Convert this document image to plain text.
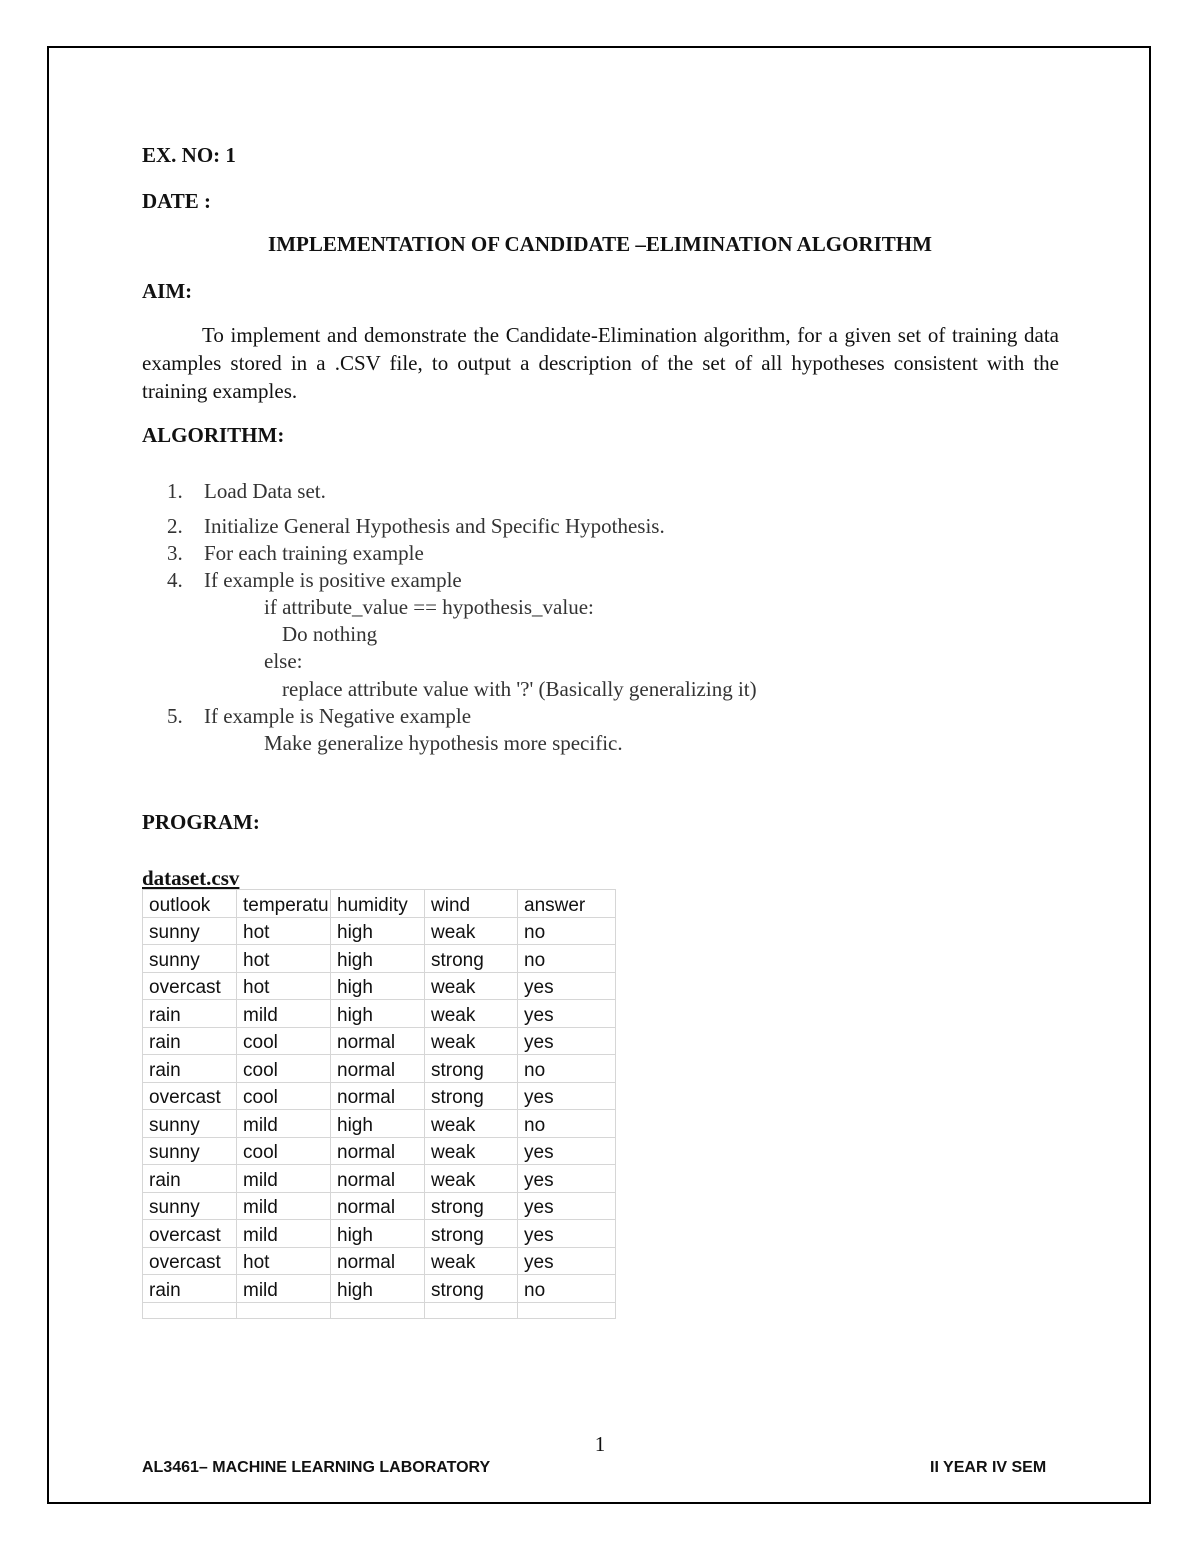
EX. NO: 1
DATE :
IMPLEMENTATION OF CANDIDATE –ELIMINATION ALGORITHM
AIM:
To implement and demonstrate the Candidate-Elimination algorithm, for a given set of training data examples stored in a .CSV file, to output a description of the set of all hypotheses consistent with the training examples.
ALGORITHM:
1. Load Data set.
2. Initialize General Hypothesis and Specific Hypothesis.
3. For each training example
4. If example is positive example
if attribute_value == hypothesis_value:
Do nothing
else:
replace attribute value with '?' (Basically generalizing it)
5. If example is Negative example
Make generalize hypothesis more specific.
PROGRAM:
dataset.csv
outlook	temperatu	humidity	wind	answer
sunny	hot	high	weak	no
sunny	hot	high	strong	no
overcast	hot	high	weak	yes
rain	mild	high	weak	yes
rain	cool	normal	weak	yes
rain	cool	normal	strong	no
overcast	cool	normal	strong	yes
sunny	mild	high	weak	no
sunny	cool	normal	weak	yes
rain	mild	normal	weak	yes
sunny	mild	normal	strong	yes
overcast	mild	high	strong	yes
overcast	hot	normal	weak	yes
rain	mild	high	strong	no

1
AL3461– MACHINE LEARNING LABORATORY	II YEAR IV SEM
